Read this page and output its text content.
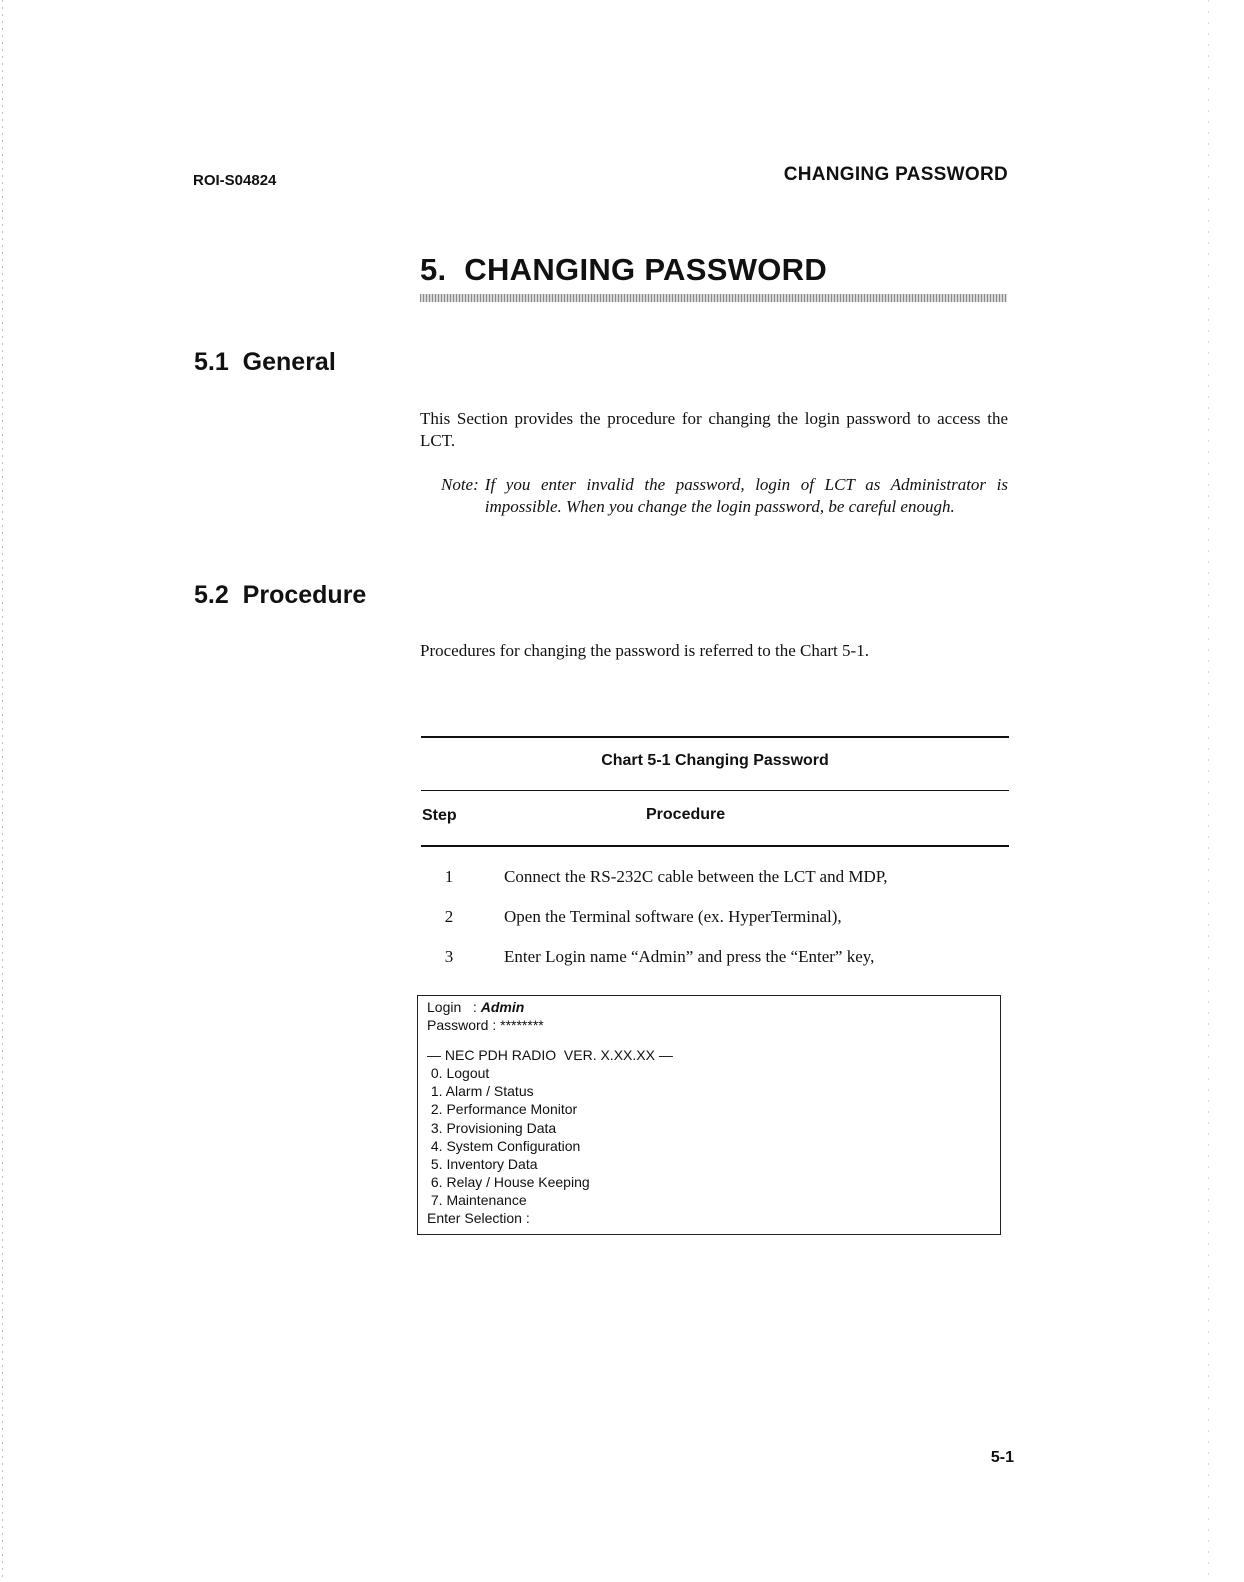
ROI-S04824	CHANGING PASSWORD
5. CHANGING PASSWORD
5.1 General
This Section provides the procedure for changing the login password to access the LCT.
Note: If you enter invalid the password, login of LCT as Administrator is impossible. When you change the login password, be careful enough.
5.2 Procedure
Procedures for changing the password is referred to the Chart 5-1.
Chart 5-1 Changing Password
Step	Procedure
1	Connect the RS-232C cable between the LCT and MDP,
2	Open the Terminal software (ex. HyperTerminal),
3	Enter Login name “Admin” and press the “Enter” key,
Login   : Admin
Password : ********
— NEC PDH RADIO  VER. X.XX.XX —
0. Logout
1. Alarm / Status
2. Performance Monitor
3. Provisioning Data
4. System Configuration
5. Inventory Data
6. Relay / House Keeping
7. Maintenance
Enter Selection :
5-1
